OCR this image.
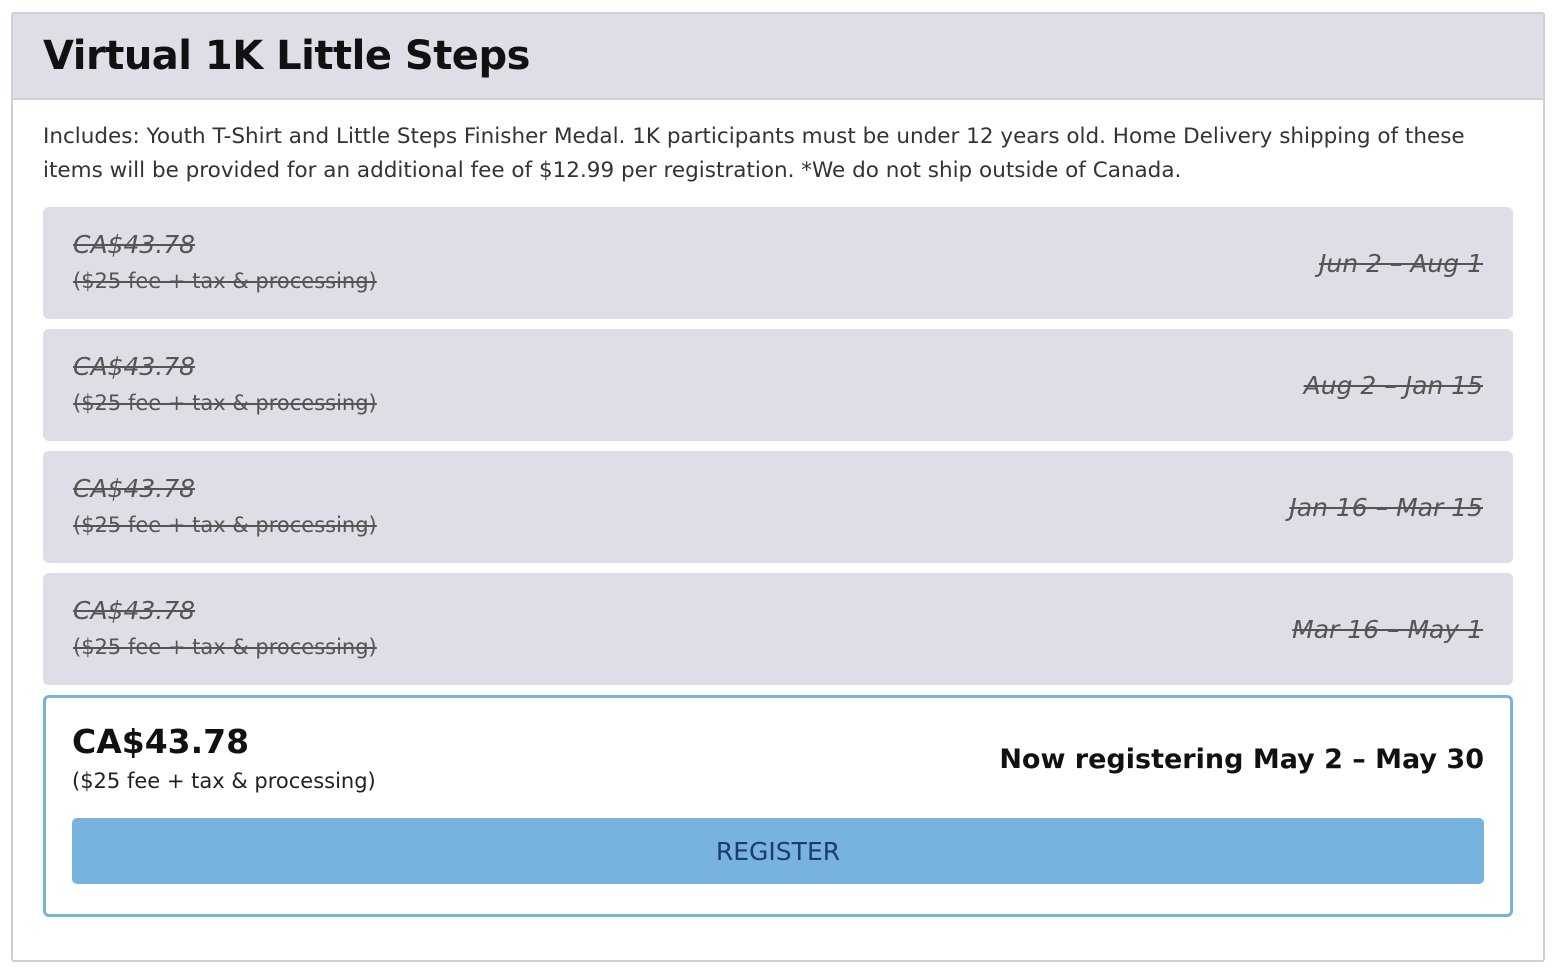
Virtual 1K Little Steps

Includes: Youth T-Shirt and Little Steps Finisher Medal. 1K participants must be under 12 years old. Home Delivery shipping of these items will be provided for an additional fee of $12.99 per registration. *We do not ship outside of Canada.

CA$43.78
($25 fee + tax & processing)
Jun 2 – Aug 1
CA$43.78
($25 fee + tax & processing)
Aug 2 – Jan 15
CA$43.78
($25 fee + tax & processing)
Jan 16 – Mar 15
CA$43.78
($25 fee + tax & processing)
Mar 16 – May 1
CA$43.78
($25 fee + tax & processing)
Now registering May 2 – May 30
REGISTER
